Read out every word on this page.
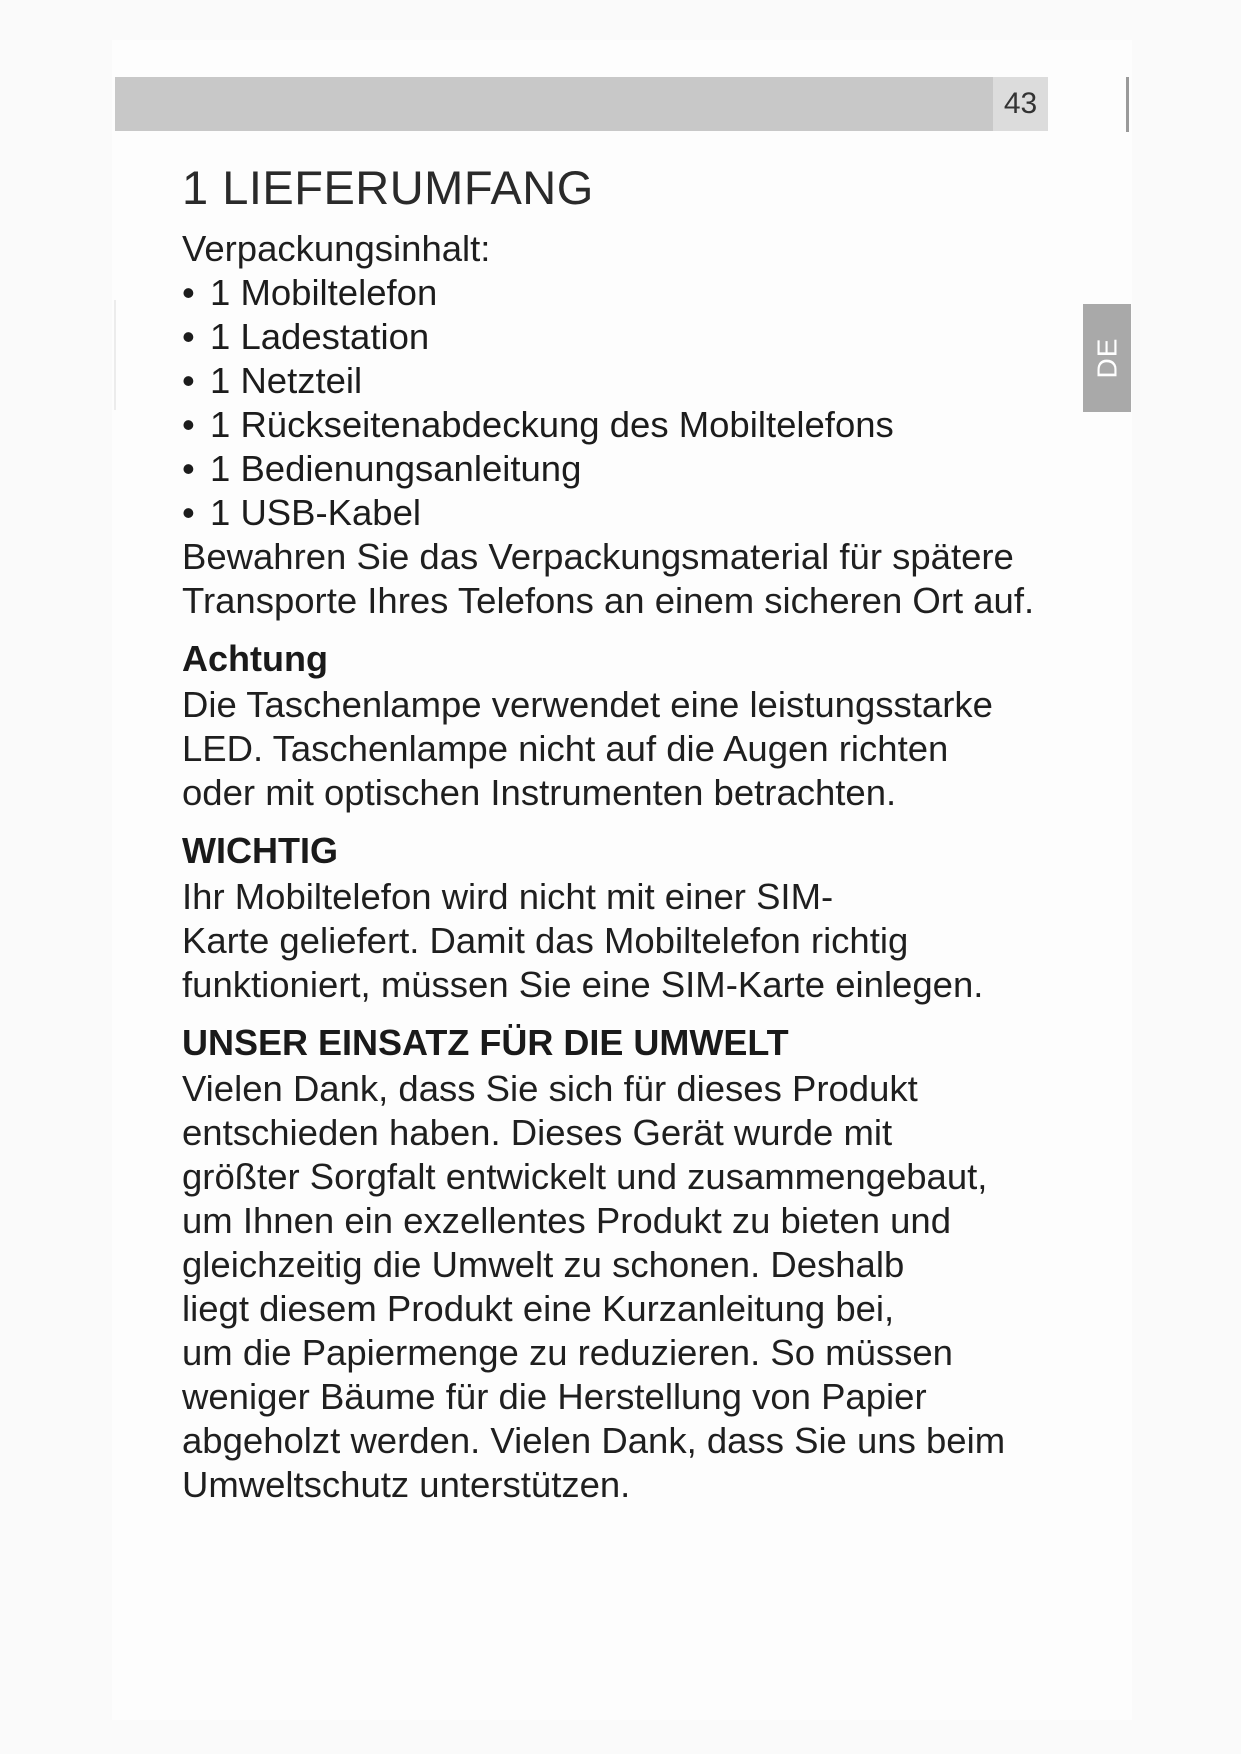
43
DE
1 LIEFERUMFANG

Verpackungsinhalt:

• 1 Mobiltelefon
• 1 Ladestation
• 1 Netzteil
• 1 Rückseitenabdeckung des Mobiltelefons
• 1 Bedienungsanleitung
• 1 USB-Kabel

Bewahren Sie das Verpackungsmaterial für spätere

Transporte Ihres Telefons an einem sicheren Ort auf.

Achtung

Die Taschenlampe verwendet eine leistungsstarke

LED. Taschenlampe nicht auf die Augen richten

oder mit optischen Instrumenten betrachten.

WICHTIG

Ihr Mobiltelefon wird nicht mit einer SIM-

Karte geliefert. Damit das Mobiltelefon richtig

funktioniert, müssen Sie eine SIM-Karte einlegen.

UNSER EINSATZ FÜR DIE UMWELT

Vielen Dank, dass Sie sich für dieses Produkt

entschieden haben. Dieses Gerät wurde mit

größter Sorgfalt entwickelt und zusammengebaut,

um Ihnen ein exzellentes Produkt zu bieten und

gleichzeitig die Umwelt zu schonen. Deshalb

liegt diesem Produkt eine Kurzanleitung bei,

um die Papiermenge zu reduzieren. So müssen

weniger Bäume für die Herstellung von Papier

abgeholzt werden. Vielen Dank, dass Sie uns beim

Umweltschutz unterstützen.
